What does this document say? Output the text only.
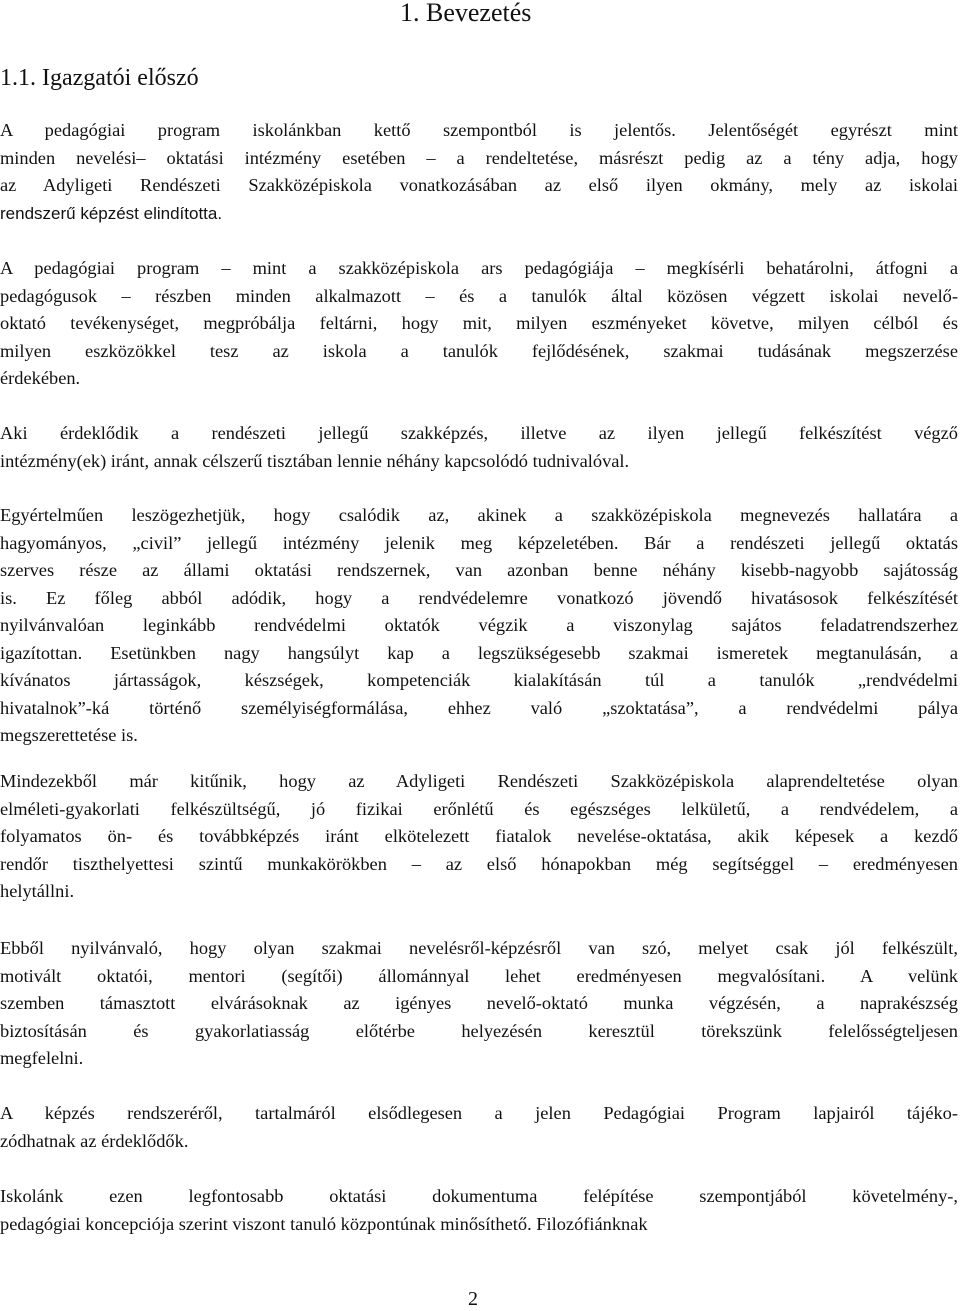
1. Bevezetés
1.1. Igazgatói előszó
A pedagógiai program iskolánkban kettő szempontból is jelentős. Jelentőségét egyrészt mint
minden nevelési– oktatási intézmény esetében – a rendeltetése, másrészt pedig az a tény adja, hogy
az Adyligeti Rendészeti Szakközépiskola vonatkozásában az első ilyen okmány, mely az iskolai
rendszerű képzést elindította.
A pedagógiai program – mint a szakközépiskola ars pedagógiája – megkísérli behatárolni, átfogni a
pedagógusok – részben minden alkalmazott – és a tanulók által közösen végzett iskolai nevelő-
oktató tevékenységet, megpróbálja feltárni, hogy mit, milyen eszményeket követve, milyen célból és
milyen eszközökkel tesz az iskola a tanulók fejlődésének, szakmai tudásának megszerzése
érdekében.
Aki érdeklődik a rendészeti jellegű szakképzés, illetve az ilyen jellegű felkészítést végző
intézmény(ek) iránt, annak célszerű tisztában lennie néhány kapcsolódó tudnivalóval.
Egyértelműen leszögezhetjük, hogy csalódik az, akinek a szakközépiskola megnevezés hallatára a
hagyományos, „civil” jellegű intézmény jelenik meg képzeletében. Bár a rendészeti jellegű oktatás
szerves része az állami oktatási rendszernek, van azonban benne néhány kisebb-nagyobb sajátosság
is. Ez főleg abból adódik, hogy a rendvédelemre vonatkozó jövendő hivatásosok felkészítését
nyilvánvalóan leginkább rendvédelmi oktatók végzik a viszonylag sajátos feladatrendszerhez
igazítottan. Esetünkben nagy hangsúlyt kap a legszükségesebb szakmai ismeretek megtanulásán, a
kívánatos jártasságok, készségek, kompetenciák kialakításán túl a tanulók „rendvédelmi
hivatalnok”-ká történő személyiségformálása, ehhez való „szoktatása”, a rendvédelmi pálya
megszerettetése is.
Mindezekből már kitűnik, hogy az Adyligeti Rendészeti Szakközépiskola alaprendeltetése olyan
elméleti-gyakorlati felkészültségű, jó fizikai erőnlétű és egészséges lelkületű, a rendvédelem, a
folyamatos ön- és továbbképzés iránt elkötelezett fiatalok nevelése-oktatása, akik képesek a kezdő
rendőr tiszthelyettesi szintű munkakörökben – az első hónapokban még segítséggel – eredményesen
helytállni.
Ebből nyilvánvaló, hogy olyan szakmai nevelésről-képzésről van szó, melyet csak jól felkészült,
motivált oktatói, mentori (segítői) állománnyal lehet eredményesen megvalósítani. A velünk
szemben támasztott elvárásoknak az igényes nevelő-oktató munka végzésén, a naprakészség
biztosításán és gyakorlatiasság előtérbe helyezésén keresztül törekszünk felelősségteljesen
megfelelni.
A képzés rendszeréről, tartalmáról elsődlegesen a jelen Pedagógiai Program lapjairól tájéko-
zódhatnak az érdeklődők.
Iskolánk ezen legfontosabb oktatási dokumentuma felépítése szempontjából követelmény-,
pedagógiai koncepciója szerint viszont tanuló központúnak minősíthető. Filozófiánknak
2
